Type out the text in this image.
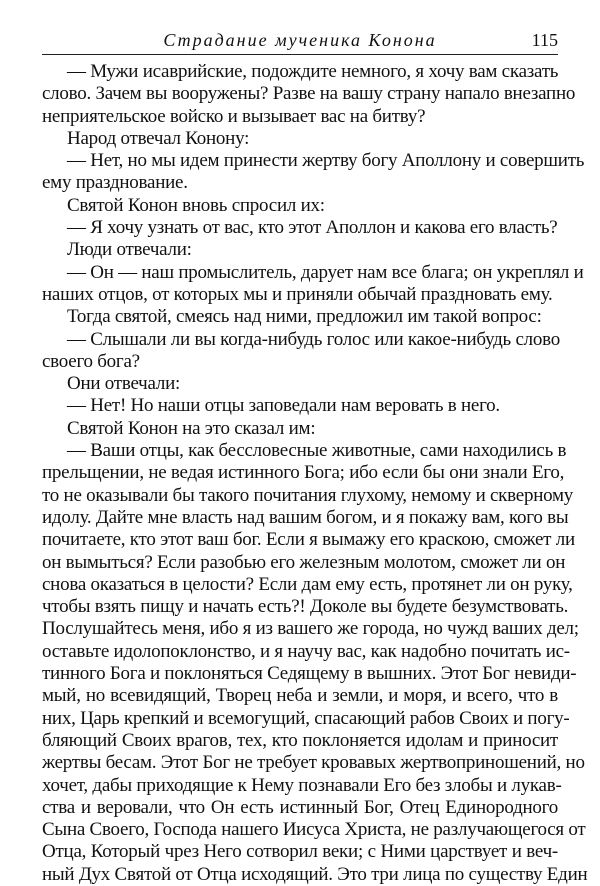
Страдание мученика Конона	115
— Мужи исаврийские, подождите немного, я хочу вам сказать
слово. Зачем вы вооружены? Разве на вашу страну напало внезапно
неприятельское войско и вызывает вас на битву?
Народ отвечал Конону:
— Нет, но мы идем принести жертву богу Аполлону и совершить
ему празднование.
Святой Конон вновь спросил их:
— Я хочу узнать от вас, кто этот Аполлон и какова его власть?
Люди отвечали:
— Он — наш промыслитель, дарует нам все блага; он укреплял и
наших отцов, от которых мы и приняли обычай праздновать ему.
Тогда святой, смеясь над ними, предложил им такой вопрос:
— Слышали ли вы когда-нибудь голос или какое-нибудь слово
своего бога?
Они отвечали:
— Нет! Но наши отцы заповедали нам веровать в него.
Святой Конон на это сказал им:
— Ваши отцы, как бессловесные животные, сами находились в
прельщении, не ведая истинного Бога; ибо если бы они знали Его,
то не оказывали бы такого почитания глухому, немому и скверному
идолу. Дайте мне власть над вашим богом, и я покажу вам, кого вы
почитаете, кто этот ваш бог. Если я вымажу его краскою, сможет ли
он вымыться? Если разобью его железным молотом, сможет ли он
снова оказаться в целости? Если дам ему есть, протянет ли он руку,
чтобы взять пищу и начать есть?! Доколе вы будете безумствовать.
Послушайтесь меня, ибо я из вашего же города, но чужд ваших дел;
оставьте идолопоклонство, и я научу вас, как надобно почитать ис-
тинного Бога и поклоняться Седящему в вышних. Этот Бог невиди-
мый, но всевидящий, Творец неба и земли, и моря, и всего, что в
них, Царь крепкий и всемогущий, спасающий рабов Своих и погу-
бляющий Своих врагов, тех, кто поклоняется идолам и приносит
жертвы бесам. Этот Бог не требует кровавых жертвоприношений, но
хочет, дабы приходящие к Нему познавали Его без злобы и лукав-
ства и веровали, что Он есть истинный Бог, Отец Единородного
Сына Своего, Господа нашего Иисуса Христа, не разлучающегося от
Отца, Который чрез Него сотворил веки; с Ними царствует и веч-
ный Дух Святой от Отца исходящий. Это три лица по существу Един
